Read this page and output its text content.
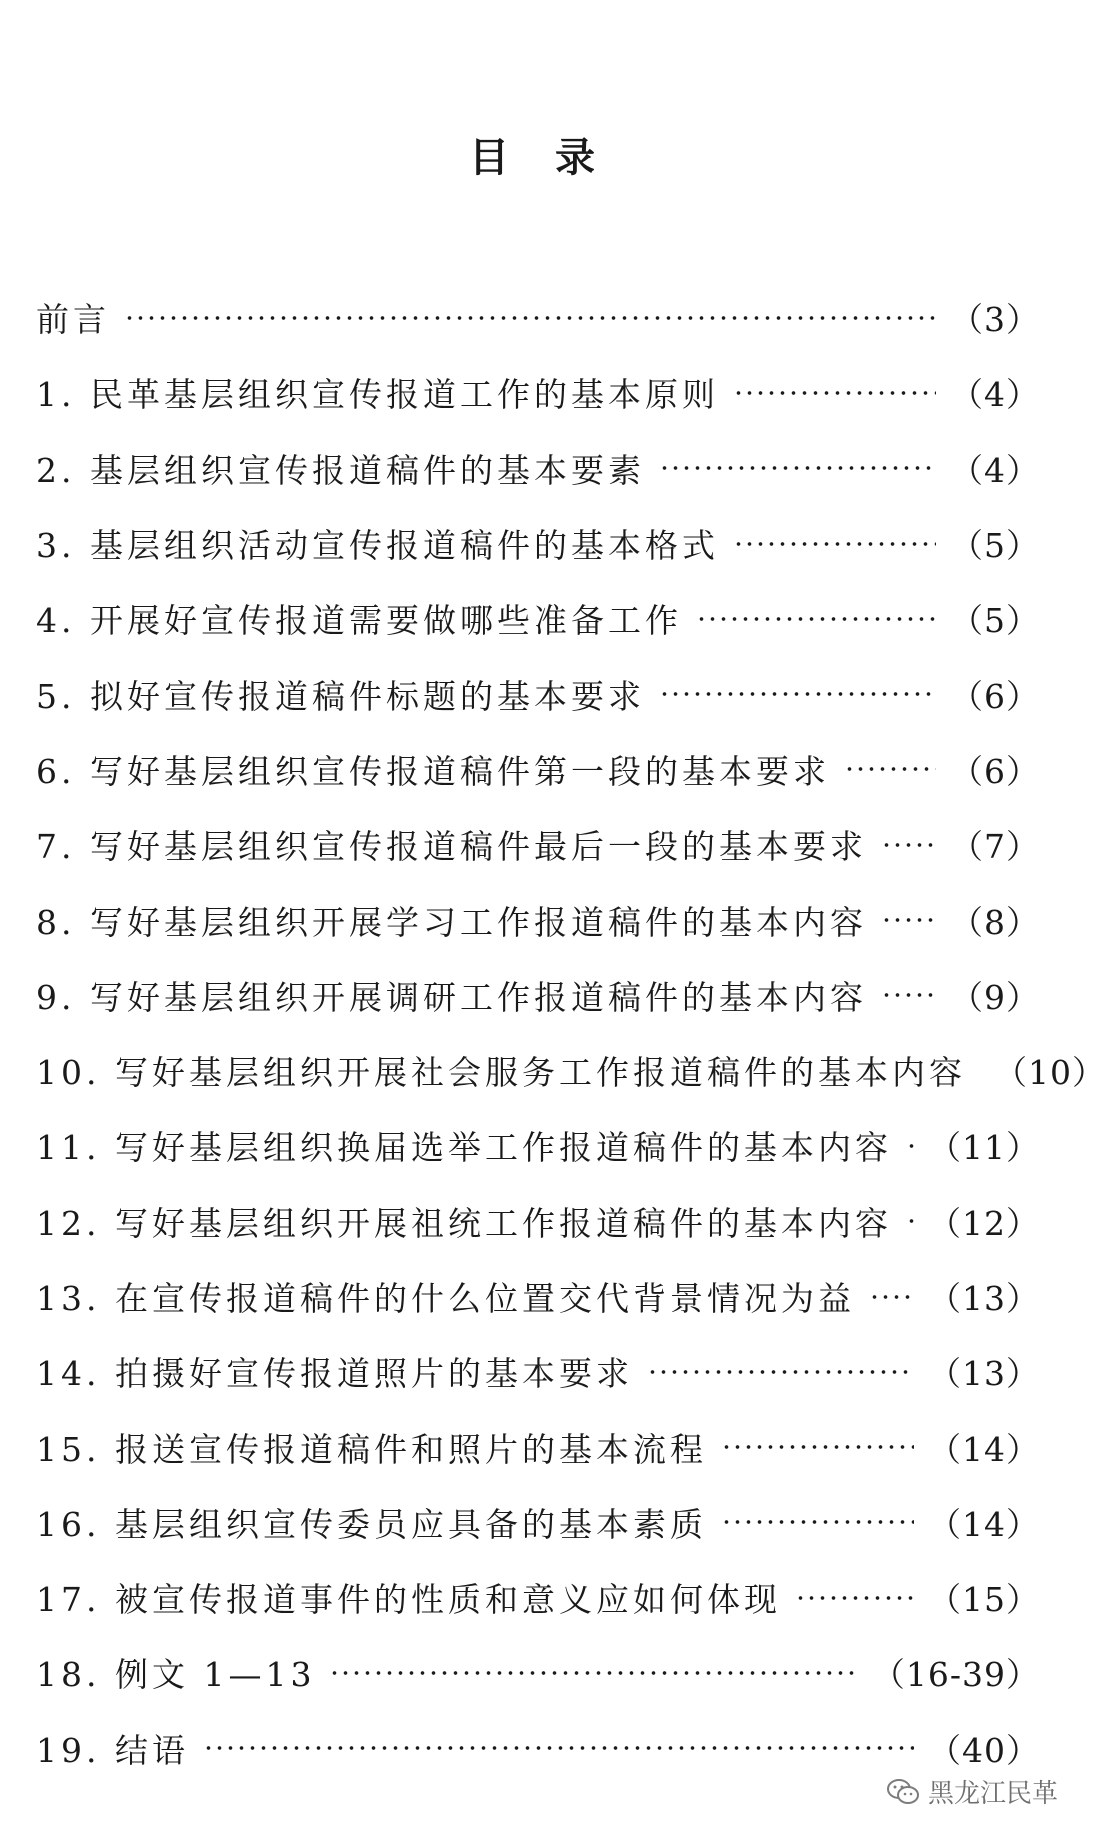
目 录
前言	（3）
1. 民革基层组织宣传报道工作的基本原则	（4）
2. 基层组织宣传报道稿件的基本要素	（4）
3. 基层组织活动宣传报道稿件的基本格式	（5）
4. 开展好宣传报道需要做哪些准备工作	（5）
5. 拟好宣传报道稿件标题的基本要求	（6）
6. 写好基层组织宣传报道稿件第一段的基本要求	（6）
7. 写好基层组织宣传报道稿件最后一段的基本要求	（7）
8. 写好基层组织开展学习工作报道稿件的基本内容	（8）
9. 写好基层组织开展调研工作报道稿件的基本内容	（9）
10. 写好基层组织开展社会服务工作报道稿件的基本内容 （10）
11. 写好基层组织换届选举工作报道稿件的基本内容 （11）
12. 写好基层组织开展祖统工作报道稿件的基本内容 （12）
13. 在宣传报道稿件的什么位置交代背景情况为益 （13）
14. 拍摄好宣传报道照片的基本要求	（13）
15. 报送宣传报道稿件和照片的基本流程	（14）
16. 基层组织宣传委员应具备的基本素质	（14）
17. 被宣传报道事件的性质和意义应如何体现	（15）
18. 例文 1—13	（16-39）
19. 结语	（40）
黑龙江民革
